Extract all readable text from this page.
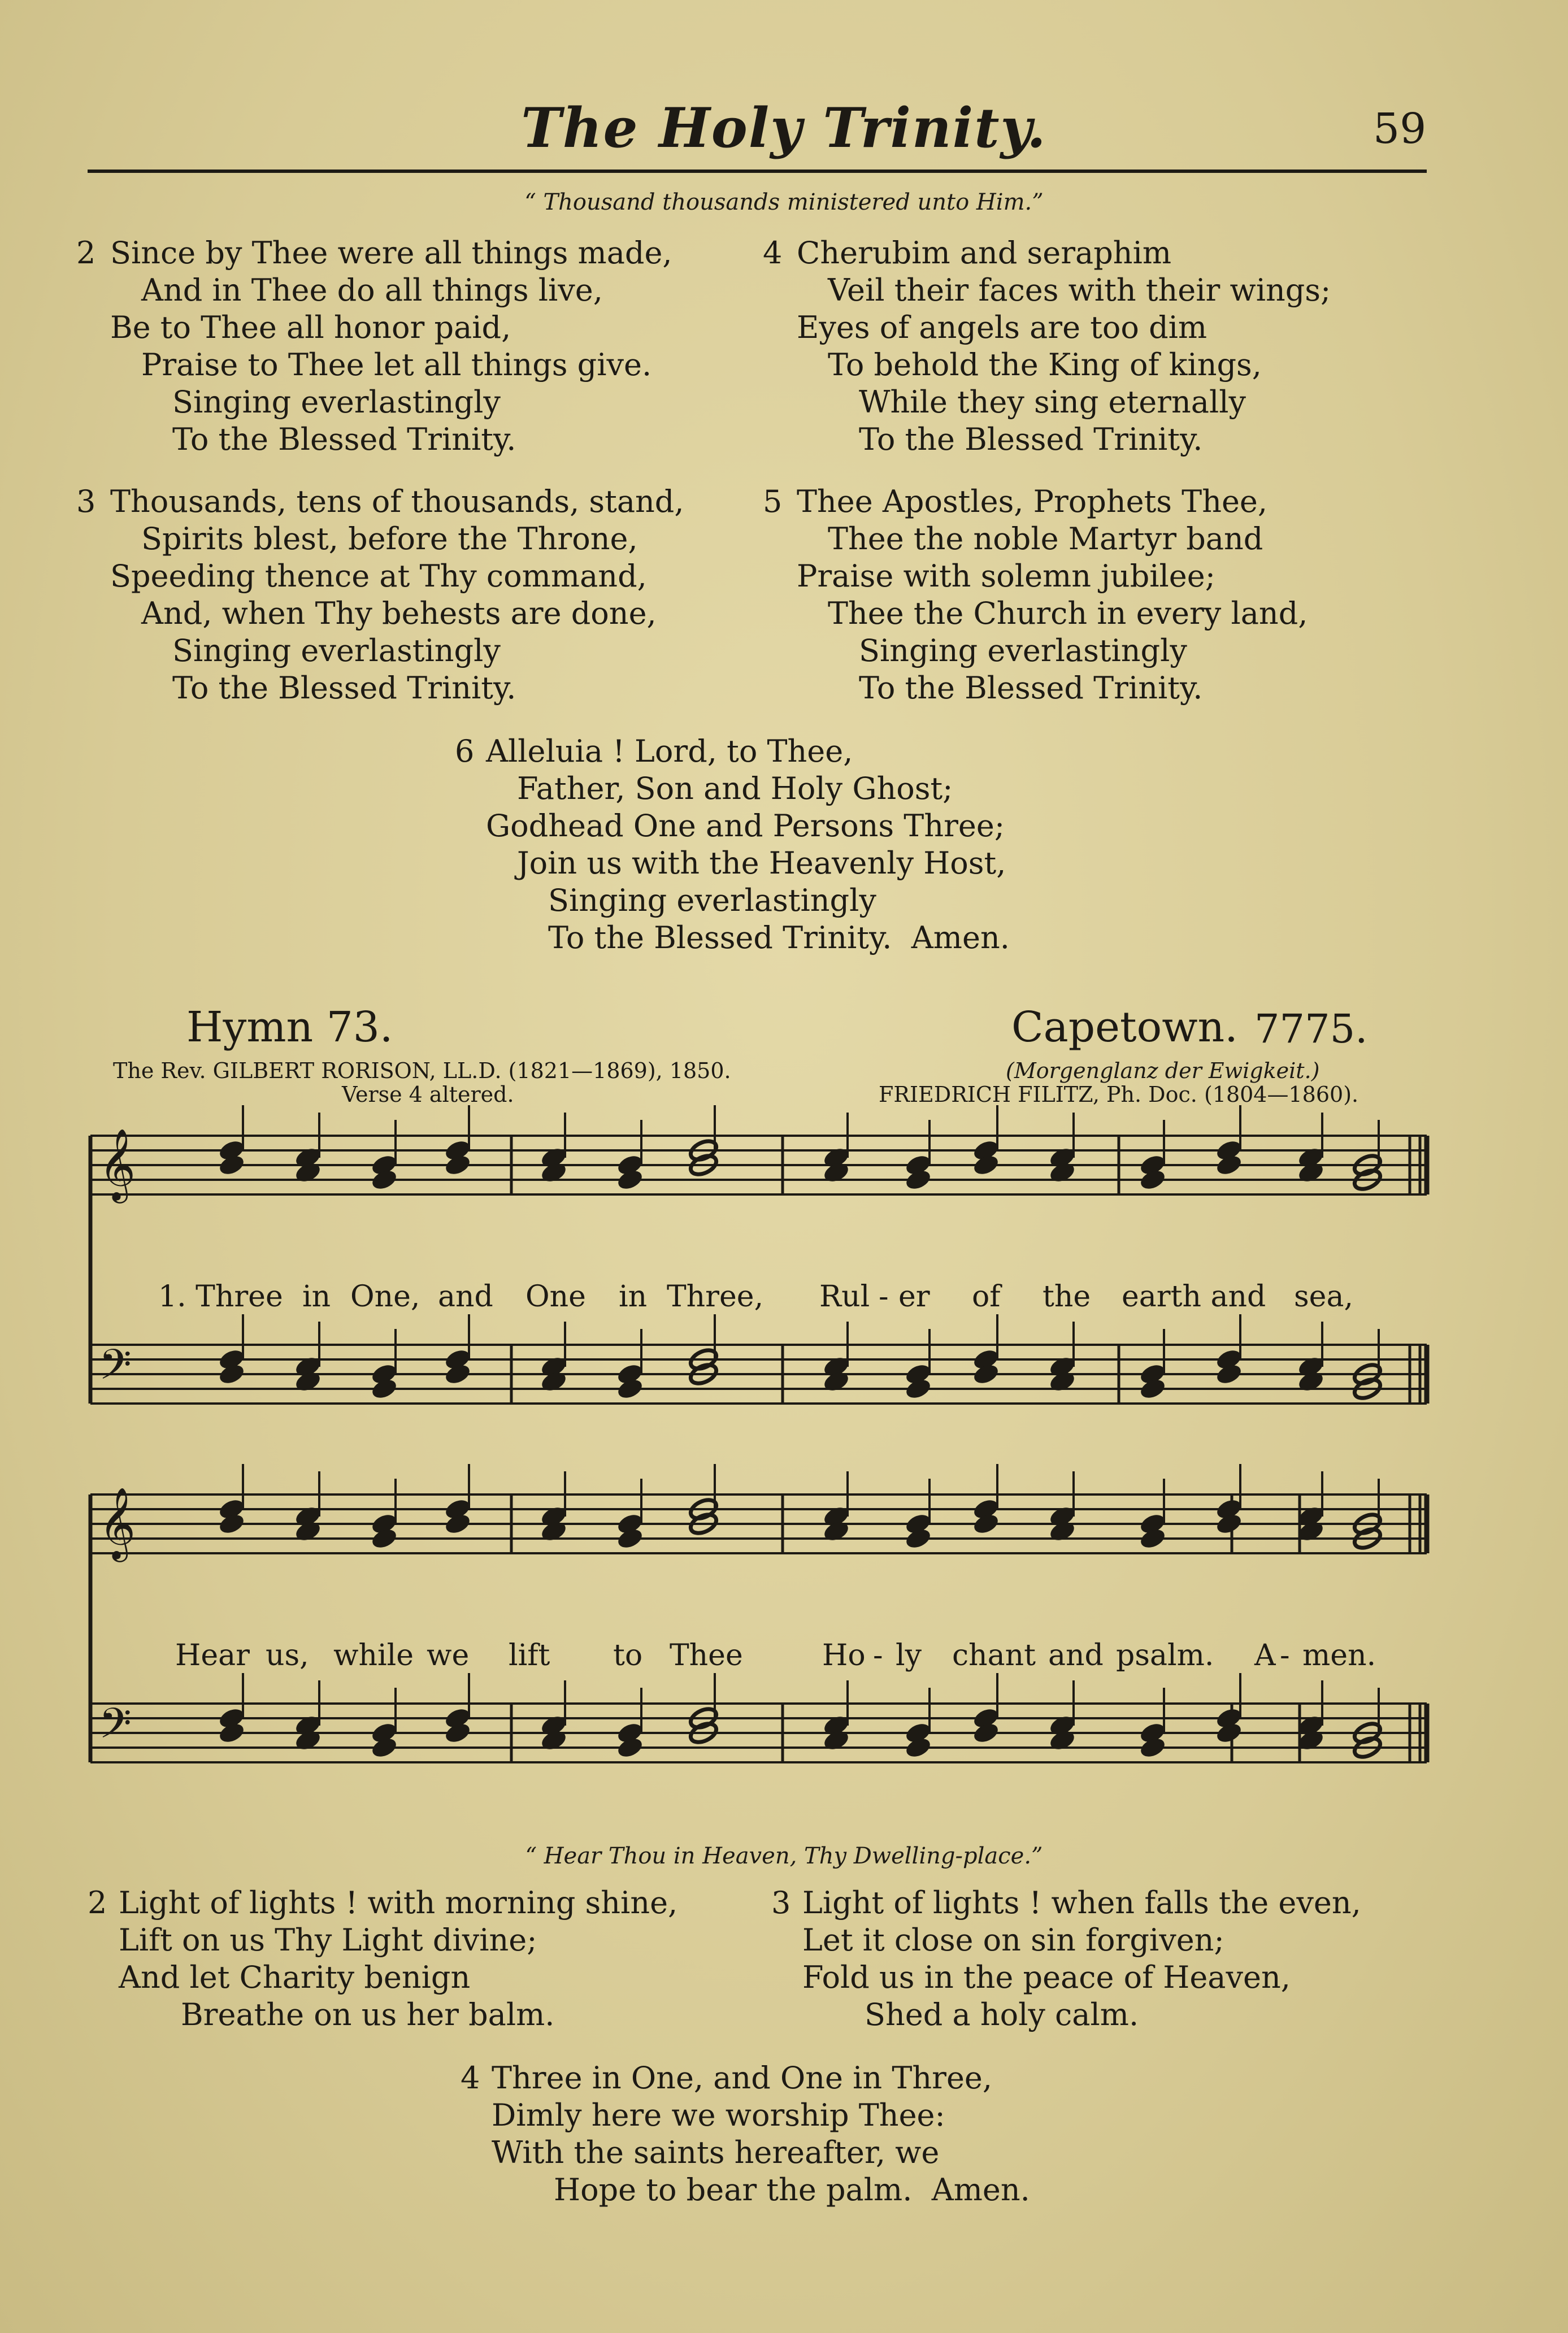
The Holy Trinity.	59
“ Thousand thousands ministered unto Him.”
2 Since by Thee were all things made,
And in Thee do all things live,
Be to Thee all honor paid,
Praise to Thee let all things give.
Singing everlastingly
To the Blessed Trinity.
4 Cherubim and seraphim
Veil their faces with their wings;
Eyes of angels are too dim
To behold the King of kings,
While they sing eternally
To the Blessed Trinity.
3 Thousands, tens of thousands, stand,
Spirits blest, before the Throne,
Speeding thence at Thy command,
And, when Thy behests are done,
Singing everlastingly
To the Blessed Trinity.
5 Thee Apostles, Prophets Thee,
Thee the noble Martyr band
Praise with solemn jubilee;
Thee the Church in every land,
Singing everlastingly
To the Blessed Trinity.
6 Alleluia ! Lord, to Thee,
Father, Son and Holy Ghost;
Godhead One and Persons Three;
Join us with the Heavenly Host,
Singing everlastingly
To the Blessed Trinity.  Amen.
Hymn 73.	Capetown. 7775.
The Rev. GILBERT RORISON, LL.D. (1821—1869), 1850.
Verse 4 altered.
(Morgenglanz der Ewigkeit.)
FRIEDRICH FILITZ, Ph. Doc. (1804—1860).
𝄞
𝄢
𝄞
𝄢
1. Three in One, and One in Three, Rul - er of the earth and sea,
Hear us, while we lift to Thee	Ho - ly chant and psalm. A - men.
“ Hear Thou in Heaven, Thy Dwelling-place.”
2 Light of lights ! with morning shine,
Lift on us Thy Light divine;
And let Charity benign
Breathe on us her balm.
3 Light of lights ! when falls the even,
Let it close on sin forgiven;
Fold us in the peace of Heaven,
Shed a holy calm.
4 Three in One, and One in Three,
Dimly here we worship Thee:
With the saints hereafter, we
Hope to bear the palm.  Amen.
